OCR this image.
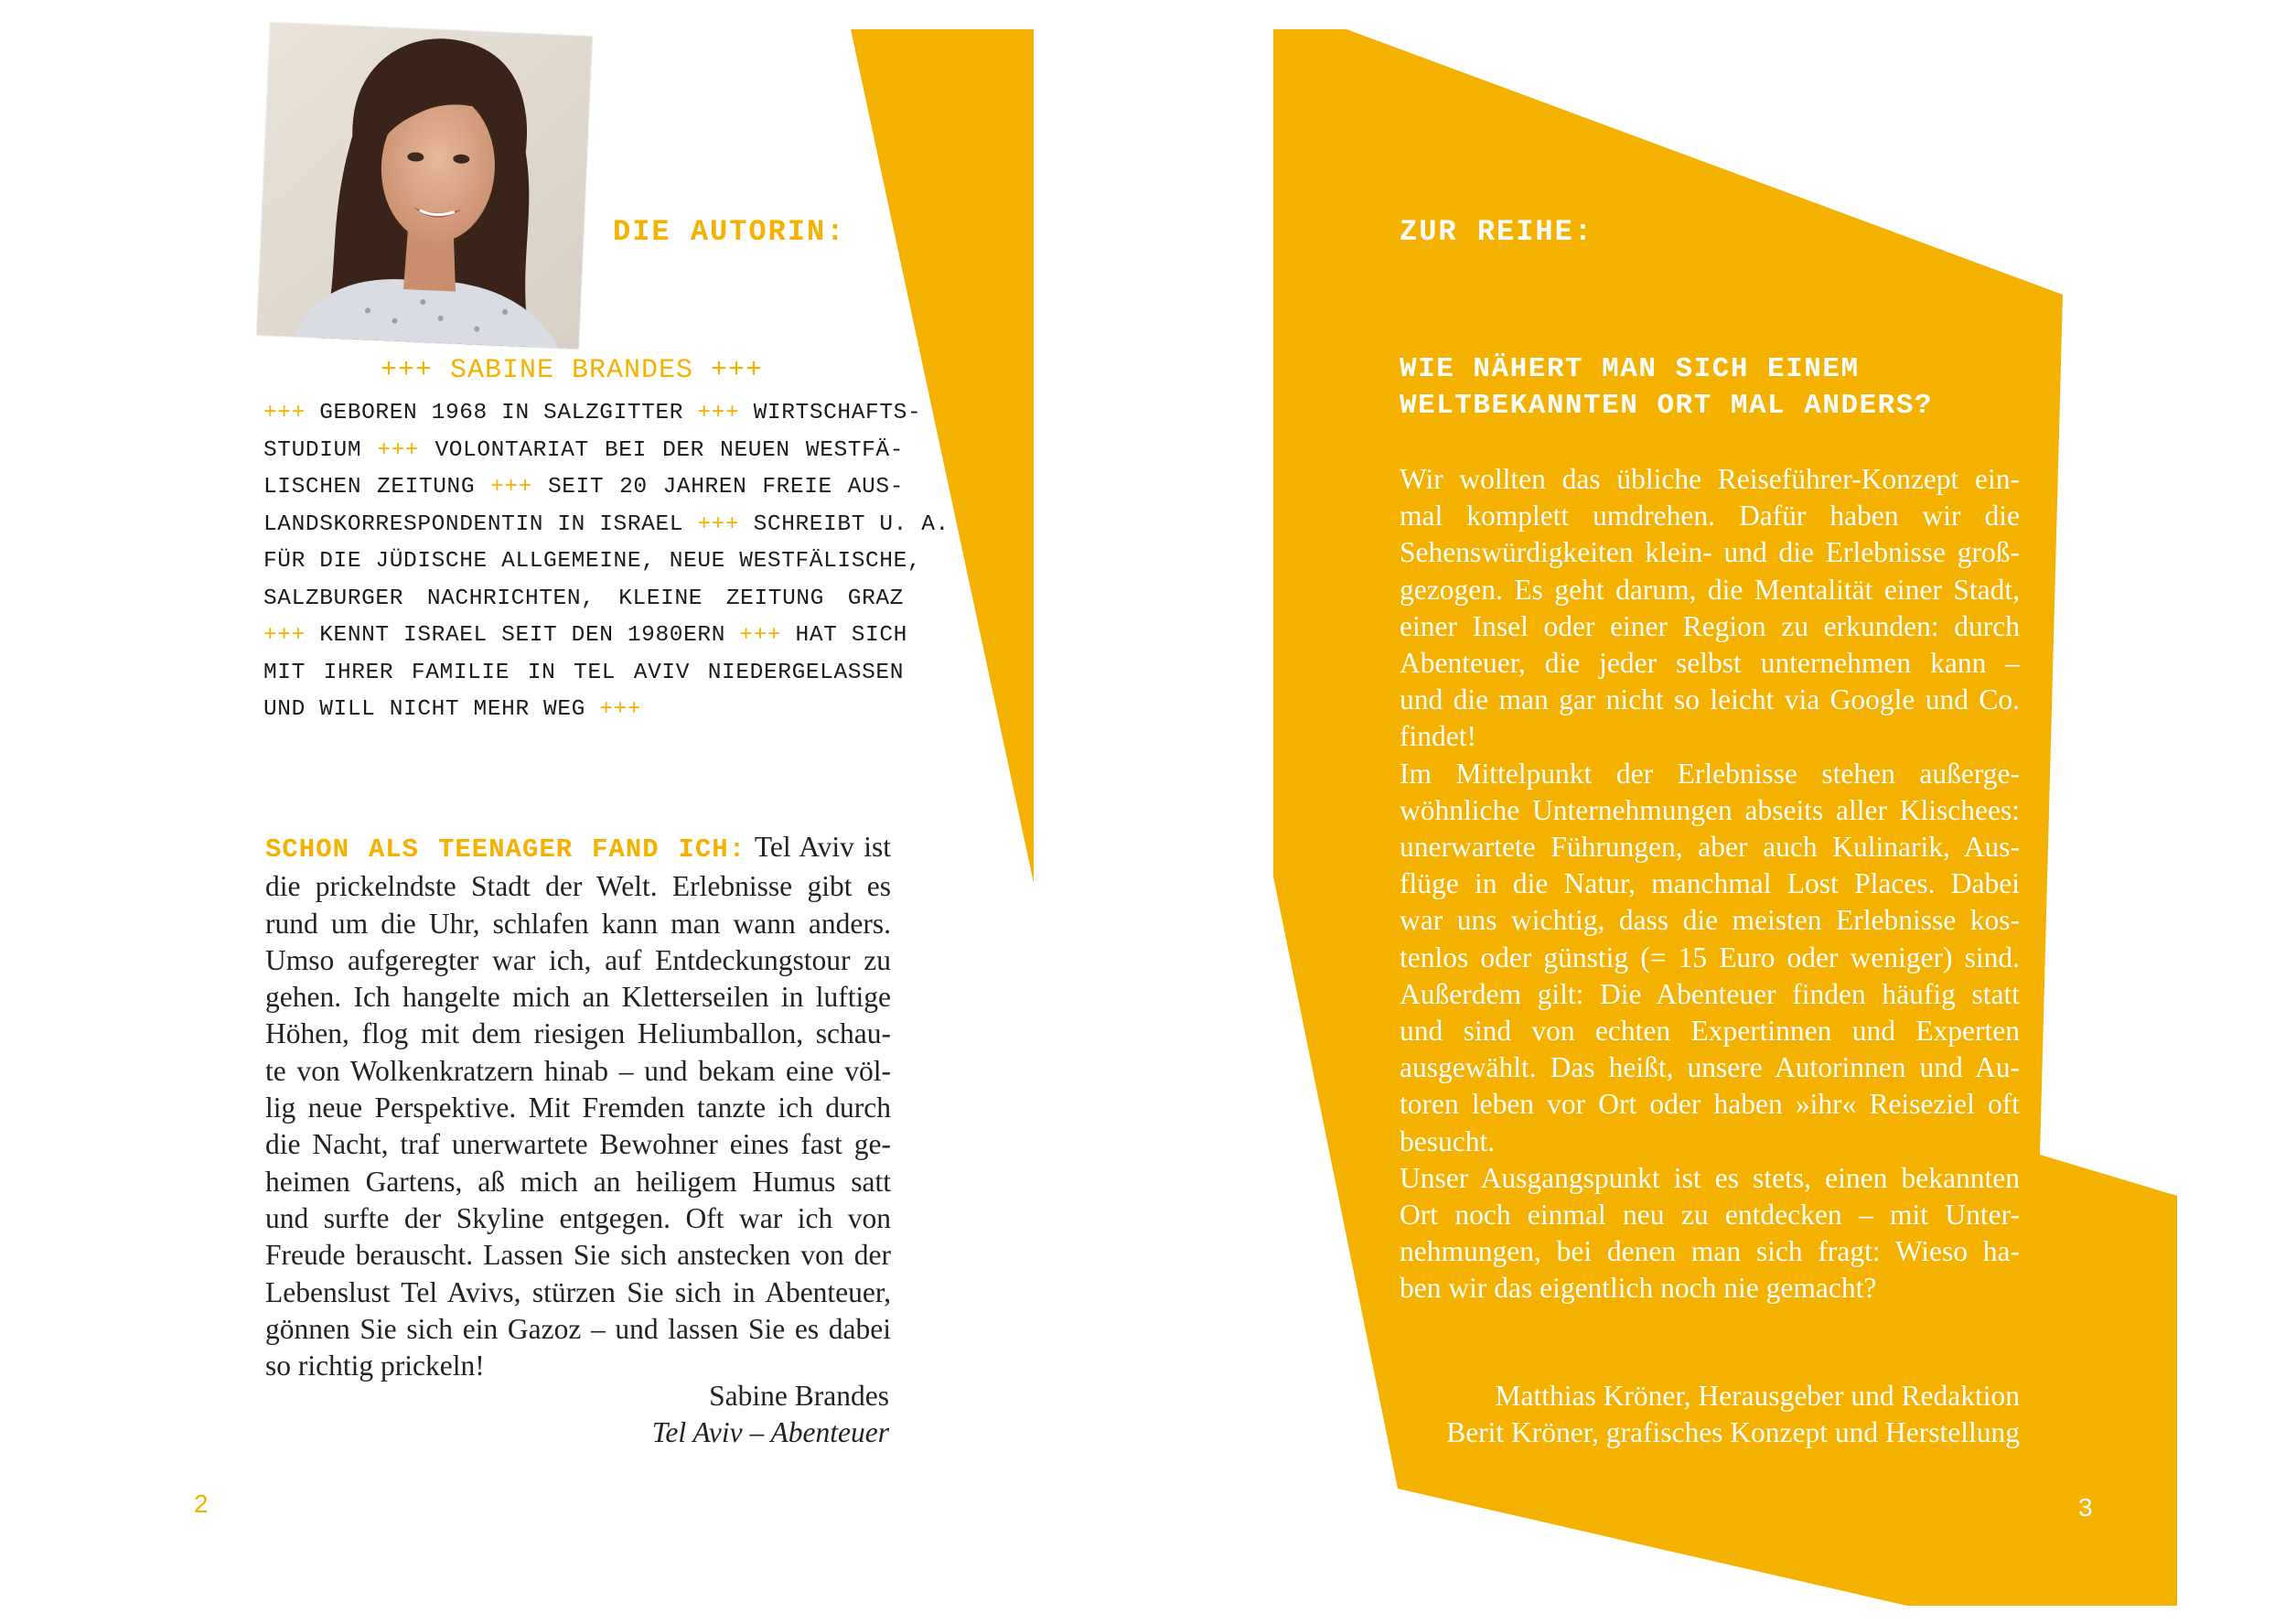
DIE AUTORIN:
+++ SABINE BRANDES +++
+++ GEBOREN 1968 IN SALZGITTER +++ WIRTSCHAFTS-
STUDIUM +++ VOLONTARIAT BEI DER NEUEN WESTFÄ-
LISCHEN ZEITUNG +++ SEIT 20 JAHREN FREIE AUS-
LANDSKORRESPONDENTIN IN ISRAEL +++ SCHREIBT U. A.
FÜR DIE JÜDISCHE ALLGEMEINE, NEUE WESTFÄLISCHE,
SALZBURGER NACHRICHTEN, KLEINE ZEITUNG GRAZ
+++ KENNT ISRAEL SEIT DEN 1980ERN +++ HAT SICH
MIT IHRER FAMILIE IN TEL AVIV NIEDERGELASSEN
UND WILL NICHT MEHR WEG +++
SCHON ALS TEENAGER FAND ICH: Tel Aviv ist
die prickelndste Stadt der Welt. Erlebnisse gibt es
rund um die Uhr, schlafen kann man wann anders.
Umso aufgeregter war ich, auf Entdeckungstour zu
gehen. Ich hangelte mich an Kletterseilen in luftige
Höhen, flog mit dem riesigen Heliumballon, schau-
te von Wolkenkratzern hinab – und bekam eine völ-
lig neue Perspektive. Mit Fremden tanzte ich durch
die Nacht, traf unerwartete Bewohner eines fast ge-
heimen Gartens, aß mich an heiligem Humus satt
und surfte der Skyline entgegen. Oft war ich von
Freude berauscht. Lassen Sie sich anstecken von der
Lebenslust Tel Avivs, stürzen Sie sich in Abenteuer,
gönnen Sie sich ein Gazoz – und lassen Sie es dabei
so richtig prickeln!
Sabine Brandes
Tel Aviv – Abenteuer
2
ZUR REIHE:
WIE NÄHERT MAN SICH EINEM
WELTBEKANNTEN ORT MAL ANDERS?
Wir wollten das übliche Reiseführer-Konzept ein-
mal komplett umdrehen. Dafür haben wir die
Sehenswürdigkeiten klein- und die Erlebnisse groß-
gezogen. Es geht darum, die Mentalität einer Stadt,
einer Insel oder einer Region zu erkunden: durch
Abenteuer, die jeder selbst unternehmen kann –
und die man gar nicht so leicht via Google und Co.
findet!
Im Mittelpunkt der Erlebnisse stehen außerge-
wöhnliche Unternehmungen abseits aller Klischees:
unerwartete Führungen, aber auch Kulinarik, Aus-
flüge in die Natur, manchmal Lost Places. Dabei
war uns wichtig, dass die meisten Erlebnisse kos-
tenlos oder günstig (= 15 Euro oder weniger) sind.
Außerdem gilt: Die Abenteuer finden häufig statt
und sind von echten Expertinnen und Experten
ausgewählt. Das heißt, unsere Autorinnen und Au-
toren leben vor Ort oder haben »ihr« Reiseziel oft
besucht.
Unser Ausgangspunkt ist es stets, einen bekannten
Ort noch einmal neu zu entdecken – mit Unter-
nehmungen, bei denen man sich fragt: Wieso ha-
ben wir das eigentlich noch nie gemacht?
Matthias Kröner, Herausgeber und Redaktion
Berit Kröner, grafisches Konzept und Herstellung
3
